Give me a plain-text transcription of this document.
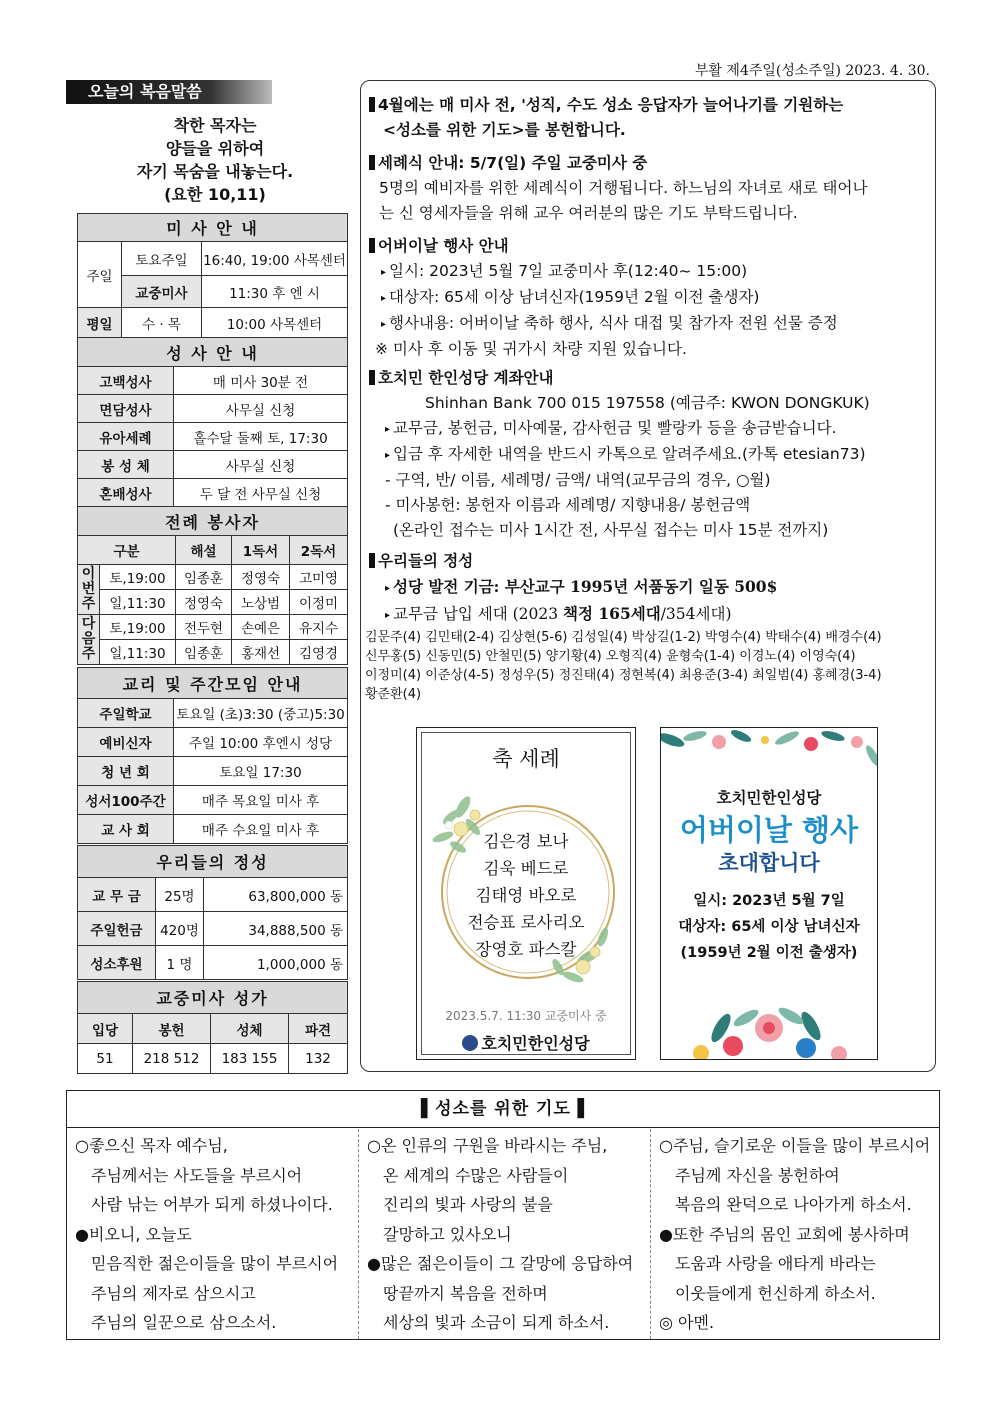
부활 제4주일(성소주일) 2023. 4. 30.
오늘의 복음말씀
착한 목자는
양들을 위하여
자기 목숨을 내놓는다.
(요한 10,11)
미 사 안 내		
주일	토요주일	16:40, 19:00 사목센터
	교중미사	11:30 후 엔 시
평일	수 · 목	10:00 사목센터
성 사 안 내	
고백성사	매 미사 30분 전
면담성사	사무실 신청
유아세례	홀수달 둘째 토, 17:30
봉 성 체	사무실 신청
혼배성사	두 달 전 사무실 신청
전례 봉사자				
구분		해설	1독서	2독서
이번주	토,19:00	임종훈	정영숙	고미영
	일,11:30	정영숙	노상범	이정미
다음주	토,19:00	전두현	손예은	유지수
	일,11:30	임종훈	홍재선	김영경
교리 및 주간모임 안내	
주일학교	토요일 (초)3:30 (중고)5:30
예비신자	주일 10:00 후엔시 성당
청 년 회	토요일 17:30
성서100주간	매주 목요일 미사 후
교 사 회	매주 수요일 미사 후
우리들의 정성		
교 무 금	25명	63,800,000 동
주일헌금	420명	34,888,500 동
성소후원	1 명	1,000,000 동
교중미사 성가			
입당	봉헌	성체	파견
51	218 512	183 155	132
4월에는 매 미사 전, '성직, 수도 성소 응답자가 늘어나기를 기원하는
<성소를 위한 기도>를 봉헌합니다.
세례식 안내: 5/7(일) 주일 교중미사 중
5명의 예비자를 위한 세례식이 거행됩니다. 하느님의 자녀로 새로 태어나
는 신 영세자들을 위해 교우 여러분의 많은 기도 부탁드립니다.
어버이날 행사 안내
▸ 일시: 2023년 5월 7일 교중미사 후(12:40~ 15:00)
▸ 대상자: 65세 이상 남녀신자(1959년 2월 이전 출생자)
▸ 행사내용: 어버이날 축하 행사, 식사 대접 및 참가자 전원 선물 증정
※ 미사 후 이동 및 귀가시 차량 지원 있습니다.
호치민 한인성당 계좌안내
Shinhan Bank 700 015 197558 (예금주: KWON DONGKUK)
▸ 교무금, 봉헌금, 미사예물, 감사헌금 및 빨랑카 등을 송금받습니다.
▸ 입금 후 자세한 내역을 반드시 카톡으로 알려주세요.(카톡 etesian73)
- 구역, 반/ 이름, 세례명/ 금액/ 내역(교무금의 경우, ○월)
- 미사봉헌: 봉헌자 이름과 세례명/ 지향내용/ 봉헌금액
(온라인 접수는 미사 1시간 전, 사무실 접수는 미사 15분 전까지)
우리들의 정성
▸ 성당 발전 기금: 부산교구 1995년 서품동기 일동 500$
▸ 교무금 납입 세대 (2023 책정 165세대/354세대)
김문주(4) 김민태(2-4) 김상현(5-6) 김성일(4) 박상길(1-2) 박영수(4) 박태수(4) 배경수(4)
신무홍(5) 신동민(5) 안철민(5) 양기황(4) 오형직(4) 윤형숙(1-4) 이경노(4) 이영숙(4)
이정미(4) 이준상(4-5) 정성우(5) 정진태(4) 정현복(4) 최용준(3-4) 최일범(4) 홍혜경(3-4)
황준환(4)
축 세례
김은경 보나
김욱 베드로
김태영 바오로
전승표 로사리오
장영호 파스칼
2023.5.7. 11:30 교중미사 중
호치민한인성당
호치민한인성당
어버이날 행사
초대합니다
일시: 2023년 5월 7일
대상자: 65세 이상 남녀신자
(1959년 2월 이전 출생자)
▌성소를 위한 기도▐
○좋으신 목자 예수님,
주님께서는 사도들을 부르시어
사람 낚는 어부가 되게 하셨나이다.
●비오니, 오늘도
믿음직한 젊은이들을 많이 부르시어
주님의 제자로 삼으시고
주님의 일꾼으로 삼으소서.
○온 인류의 구원을 바라시는 주님,
온 세계의 수많은 사람들이
진리의 빛과 사랑의 불을
갈망하고 있사오니
●많은 젊은이들이 그 갈망에 응답하여
땅끝까지 복음을 전하며
세상의 빛과 소금이 되게 하소서.
○주님, 슬기로운 이들을 많이 부르시어
주님께 자신을 봉헌하여
복음의 완덕으로 나아가게 하소서.
●또한 주님의 몸인 교회에 봉사하며
도움과 사랑을 애타게 바라는
이웃들에게 헌신하게 하소서.
◎ 아멘.
